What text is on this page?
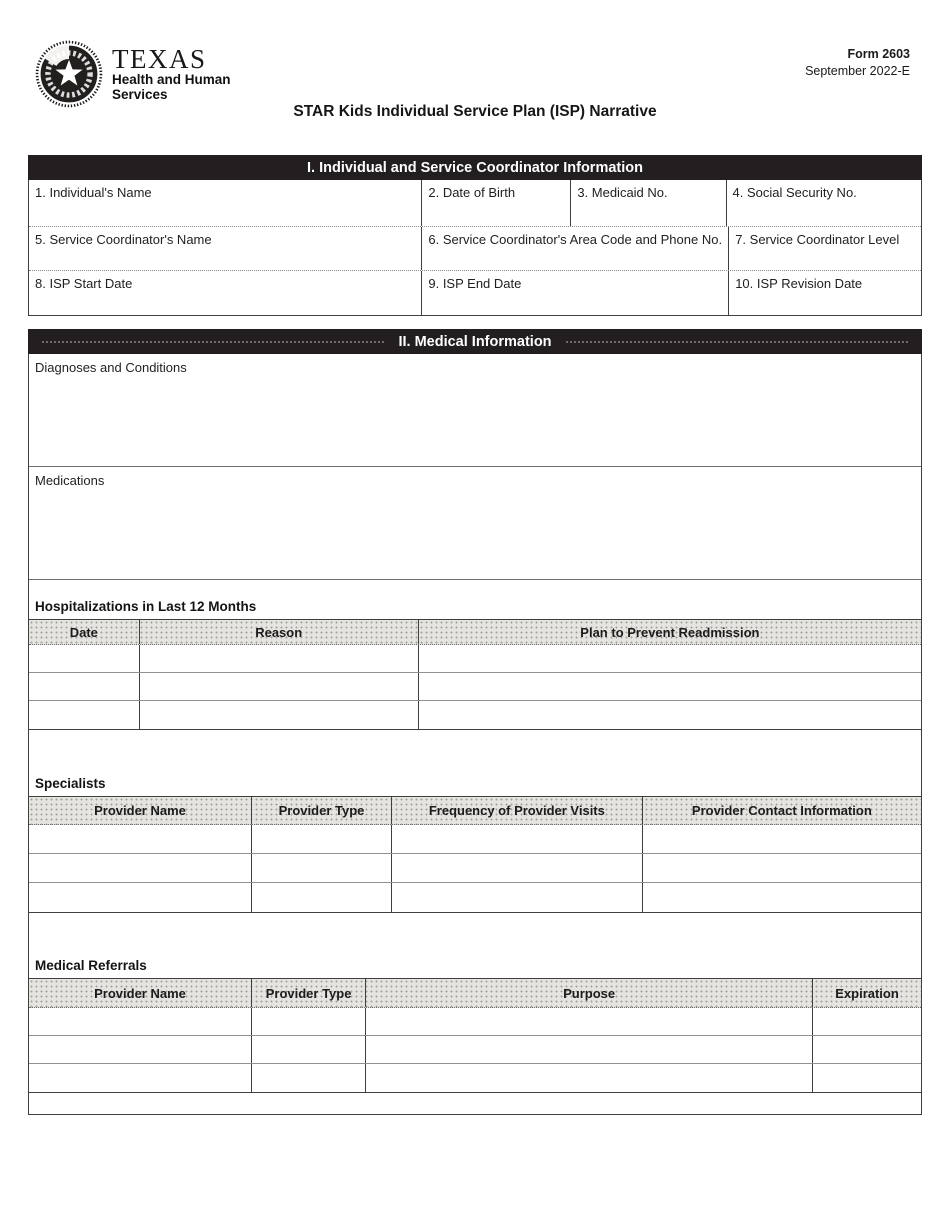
TEXAS
Health and Human
Services
Form 2603
September 2022-E
STAR Kids Individual Service Plan (ISP) Narrative
I. Individual and Service Coordinator Information
1. Individual's Name	2. Date of Birth	3. Medicaid No.	4. Social Security No.
5. Service Coordinator's Name	6. Service Coordinator's Area Code and Phone No.	7. Service Coordinator Level
8. ISP Start Date	9. ISP End Date	10. ISP Revision Date
II. Medical Information
Diagnoses and Conditions
Medications
Hospitalizations in Last 12 Months
Date	Reason	Plan to Prevent Readmission
Specialists
Provider Name	Provider Type	Frequency of Provider Visits	Provider Contact Information
Medical Referrals
Provider Name	Provider Type	Purpose	Expiration
